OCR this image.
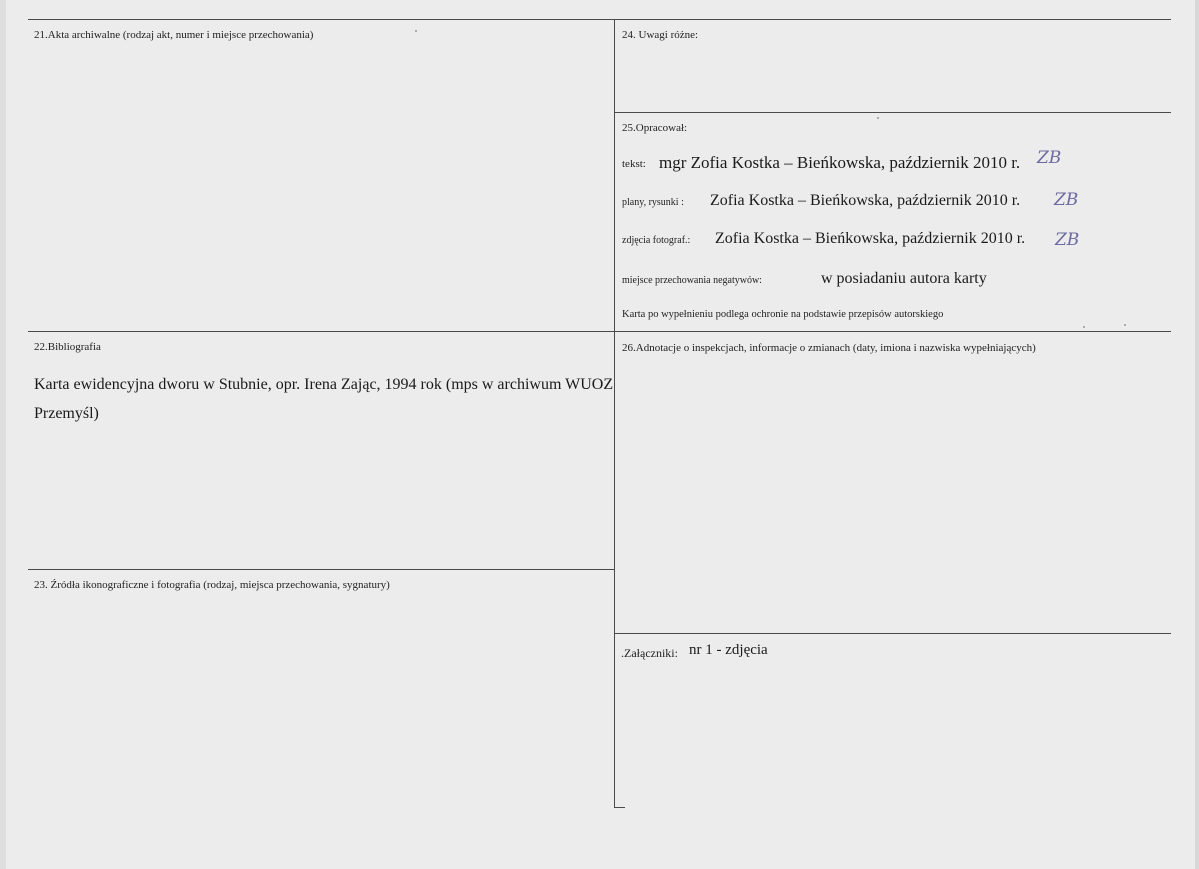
21.Akta archiwalne (rodzaj akt, numer i miejsce przechowania)	24. Uwagi różne:
25.Opracował:
tekst: mgr Zofia Kostka – Bieńkowska, październik 2010 r. ZB
plany, rysunki : Zofia Kostka – Bieńkowska, październik 2010 r. ZB
zdjęcia fotograf.: Zofia Kostka – Bieńkowska, październik 2010 r. ZB
miejsce przechowania negatywów:	w posiadaniu autora karty
Karta po wypełnieniu podlega ochronie na podstawie przepisów autorskiego
22.Bibliografia
Karta ewidencyjna dworu w Stubnie, opr. Irena Zając, 1994 rok (mps w archiwum WUOZ Przemyśl)
26.Adnotacje o inspekcjach, informacje o zmianach (daty, imiona i nazwiska wypełniających)
23. Źródła ikonograficzne i fotografia (rodzaj, miejsca przechowania, sygnatury)
.Załączniki: nr 1 - zdjęcia
